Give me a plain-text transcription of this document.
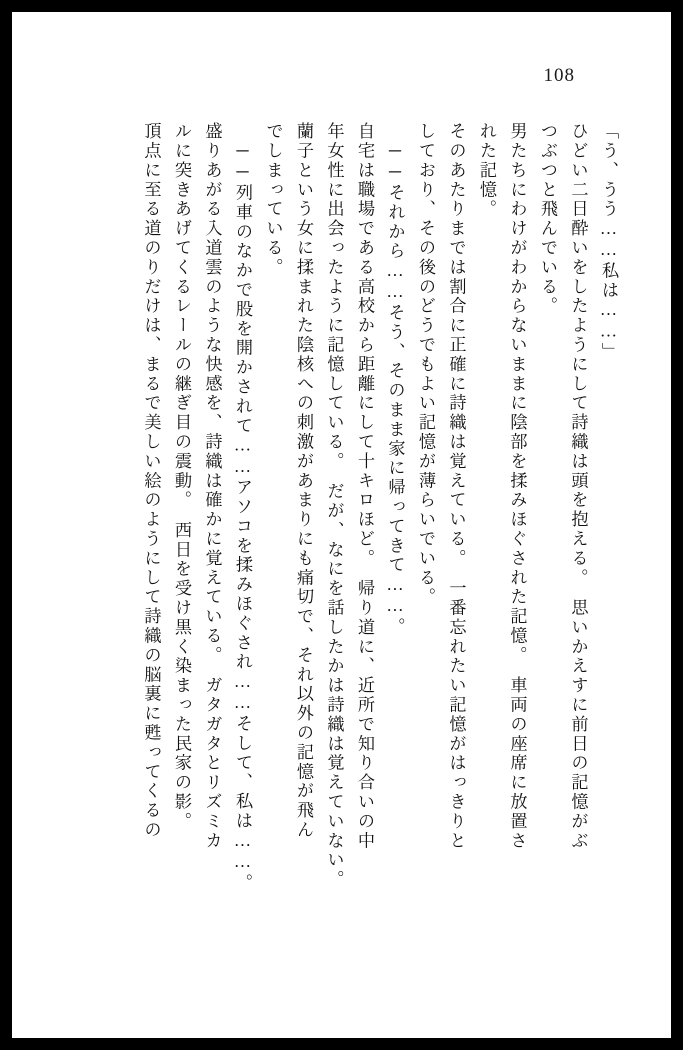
108

「う、うう……私は……」

ひどい二日酔いをしたようにして詩織は頭を抱える。　思いかえすに前日の記憶がぶ

つぶつと飛んでいる。

男たちにわけがわからないままに陰部を揉みほぐされた記憶。　車両の座席に放置さ

れた記憶。

そのあたりまでは割合に正確に詩織は覚えている。　一番忘れたい記憶がはっきりと

しており、その後のどうでもよい記憶が薄らいでいる。

──それから……そう、そのまま家に帰ってきて……。

自宅は職場である高校から距離にして十キロほど。　帰り道に、近所で知り合いの中

年女性に出会ったように記憶している。　だが、なにを話したかは詩織は覚えていない。

蘭子という女に揉まれた陰核への刺激があまりにも痛切で、それ以外の記憶が飛ん

でしまっている。

──列車のなかで股を開かされて……アソコを揉みほぐされ……そして、私は……。

盛りあがる入道雲のような快感を、詩織は確かに覚えている。　ガタガタとリズミカ

ルに突きあげてくるレールの継ぎ目の震動。　西日を受け黒く染まった民家の影。

頂点に至る道のりだけは、まるで美しい絵のようにして詩織の脳裏に甦ってくるの
